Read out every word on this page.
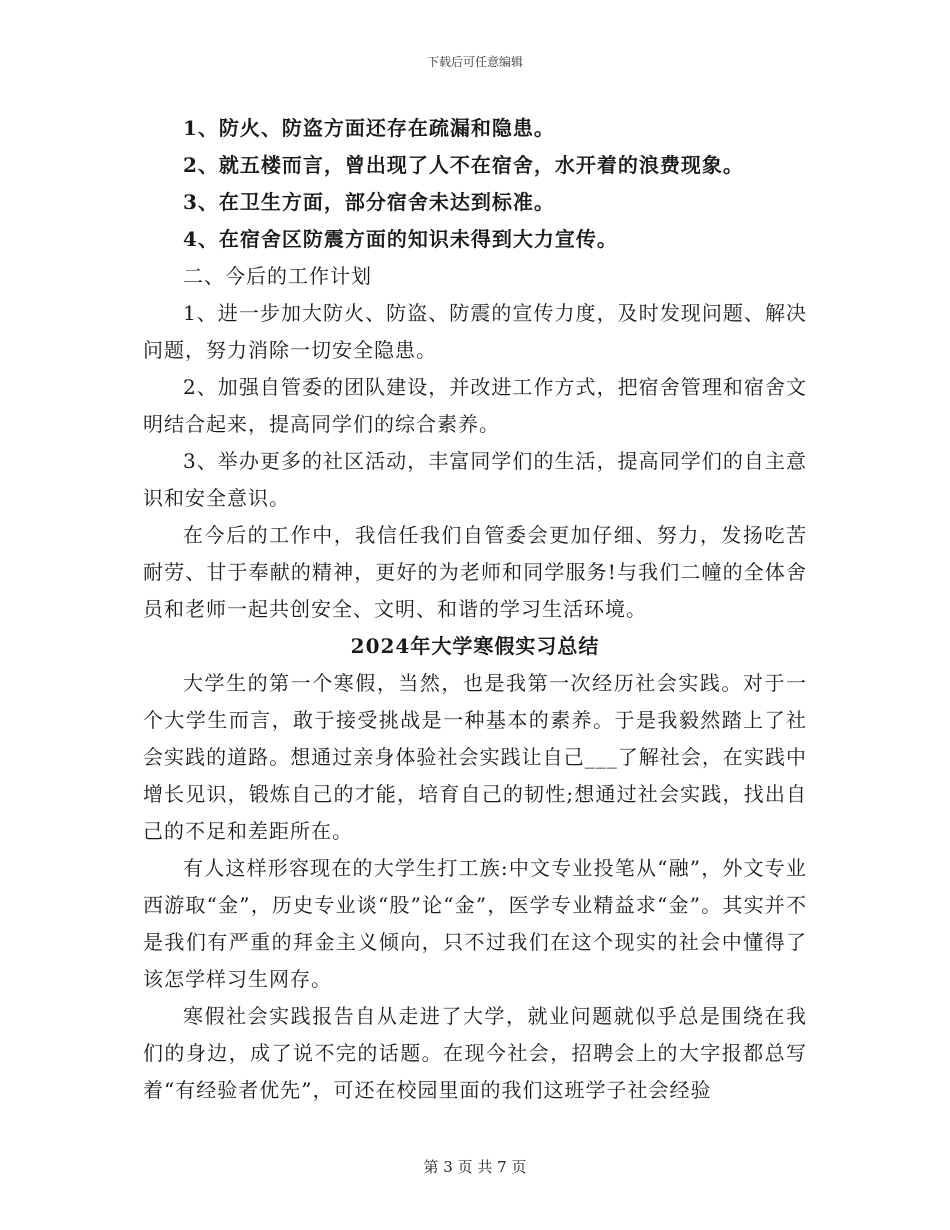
下载后可任意编辑

1、防火、防盗方面还存在疏漏和隐患。

2、就五楼而言，曾出现了人不在宿舍，水开着的浪费现象。

3、在卫生方面，部分宿舍未达到标准。

4、在宿舍区防震方面的知识未得到大力宣传。

二、今后的工作计划

1、进一步加大防火、防盗、防震的宣传力度，及时发现问题、解决问题，努力消除一切安全隐患。

2、加强自管委的团队建设，并改进工作方式，把宿舍管理和宿舍文明结合起来，提高同学们的综合素养。

3、举办更多的社区活动，丰富同学们的生活，提高同学们的自主意识和安全意识。

在今后的工作中，我信任我们自管委会更加仔细、努力，发扬吃苦耐劳、甘于奉献的精神，更好的为老师和同学服务!与我们二幢的全体舍员和老师一起共创安全、文明、和谐的学习生活环境。

2024年大学寒假实习总结

大学生的第一个寒假，当然，也是我第一次经历社会实践。对于一个大学生而言，敢于接受挑战是一种基本的素养。于是我毅然踏上了社会实践的道路。想通过亲身体验社会实践让自己___了解社会，在实践中增长见识，锻炼自己的才能，培育自己的韧性;想通过社会实践，找出自己的不足和差距所在。

有人这样形容现在的大学生打工族:中文专业投笔从“融”，外文专业西游取“金”，历史专业谈“股”论“金”，医学专业精益求“金”。其实并不是我们有严重的拜金主义倾向，只不过我们在这个现实的社会中懂得了该怎学样习生网存。

寒假社会实践报告自从走进了大学，就业问题就似乎总是围绕在我们的身边，成了说不完的话题。在现今社会，招聘会上的大字报都总写着“有经验者优先”，可还在校园里面的我们这班学子社会经验

第 3 页 共 7 页
